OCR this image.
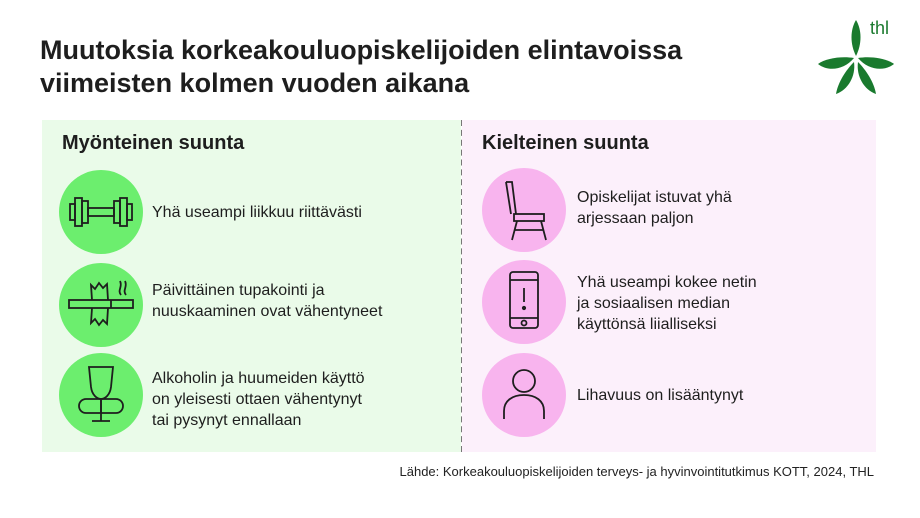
Muutoksia korkeakouluopiskelijoiden elintavoissa
viimeisten kolmen vuoden aikana
thl
Myönteinen suunta
Yhä useampi liikkuu riittävästi
Päivittäinen tupakointi ja
nuuskaaminen ovat vähentyneet
Alkoholin ja huumeiden käyttö
on yleisesti ottaen vähentynyt
tai pysynyt ennallaan
Kielteinen suunta
Opiskelijat istuvat yhä
arjessaan paljon
Yhä useampi kokee netin
ja sosiaalisen median
käyttönsä liialliseksi
Lihavuus on lisääntynyt
Lähde: Korkeakouluopiskelijoiden terveys- ja hyvinvointitutkimus KOTT, 2024, THL
